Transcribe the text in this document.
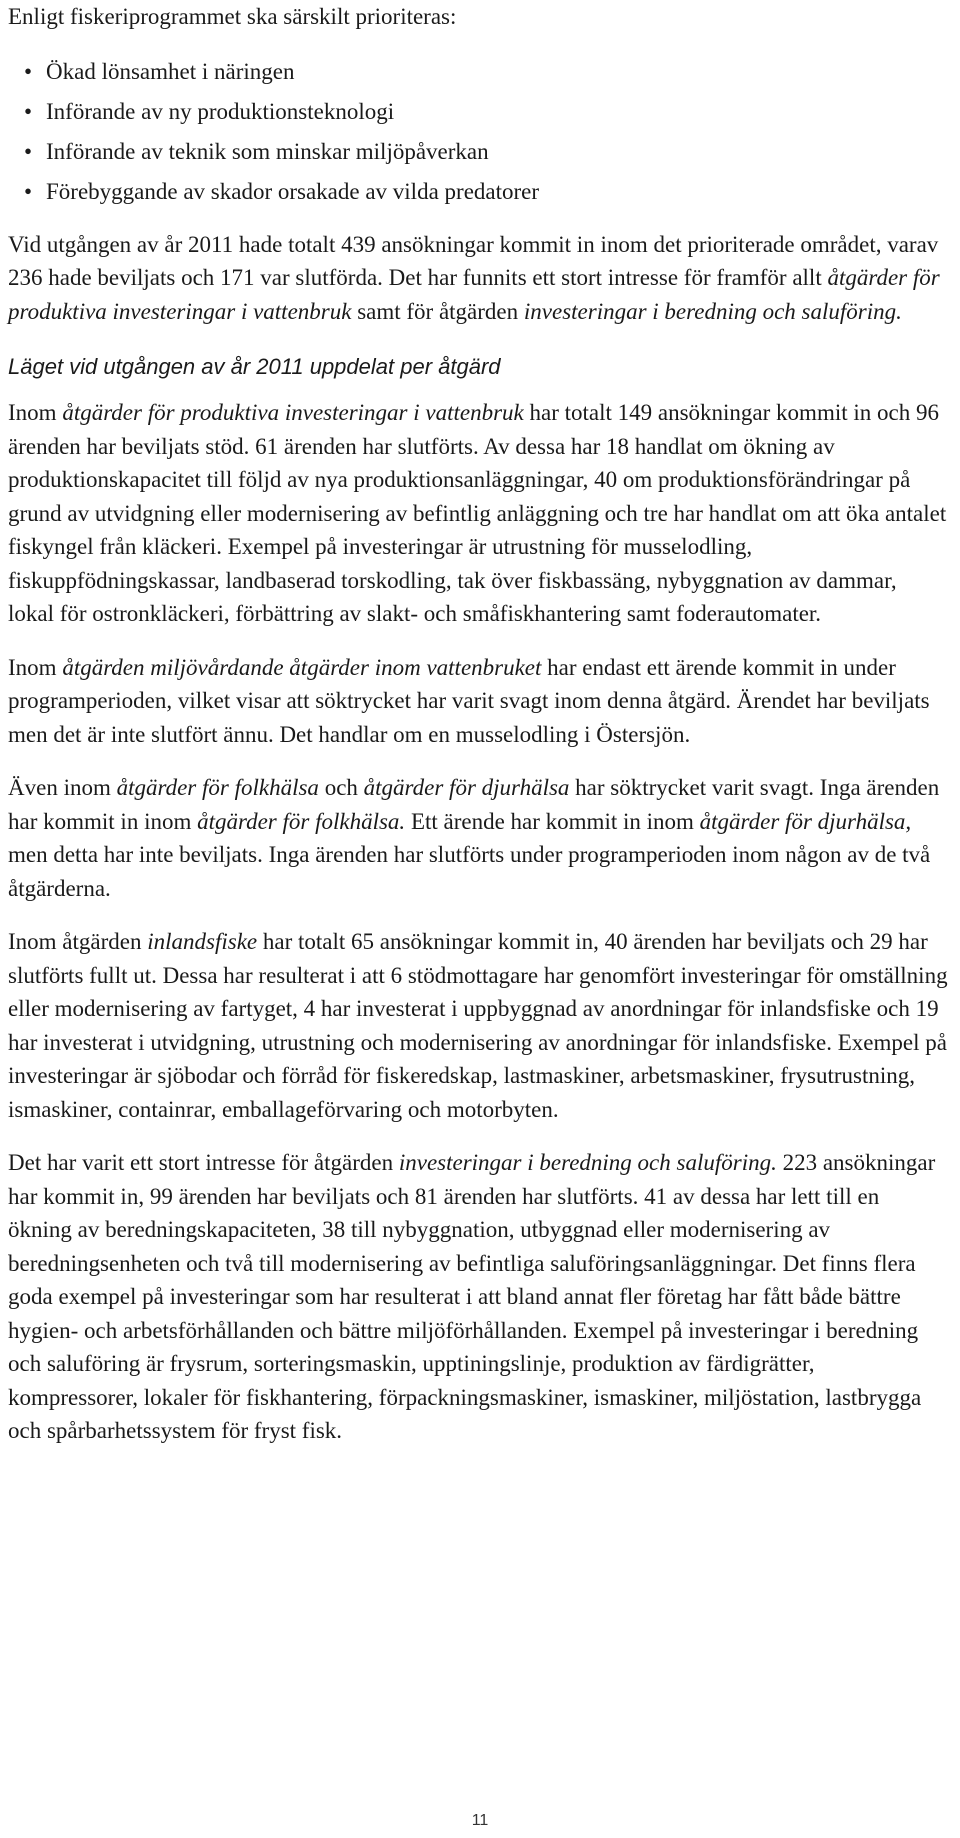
Enligt fiskeriprogrammet ska särskilt prioriteras:

• Ökad lönsamhet i näringen
• Införande av ny produktionsteknologi
• Införande av teknik som minskar miljöpåverkan
• Förebyggande av skador orsakade av vilda predatorer

Vid utgången av år 2011 hade totalt 439 ansökningar kommit in inom det prioriterade området, varav 236 hade beviljats och 171 var slutförda. Det har funnits ett stort intresse för framför allt åtgärder för produktiva investeringar i vattenbruk samt för åtgärden investeringar i beredning och saluföring.

Läget vid utgången av år 2011 uppdelat per åtgärd

Inom åtgärder för produktiva investeringar i vattenbruk har totalt 149 ansökningar kommit in och 96 ärenden har beviljats stöd. 61 ärenden har slutförts. Av dessa har 18 handlat om ökning av produktionskapacitet till följd av nya produktionsanläggningar, 40 om produktionsförändringar på grund av utvidgning eller modernisering av befintlig anläggning och tre har handlat om att öka antalet fiskyngel från kläckeri. Exempel på investeringar är utrustning för musselodling, fiskuppfödningskassar, landbaserad torskodling, tak över fiskbassäng, nybyggnation av dammar, lokal för ostronkläckeri, förbättring av slakt- och småfiskhantering samt foderautomater.

Inom åtgärden miljövårdande åtgärder inom vattenbruket har endast ett ärende kommit in under programperioden, vilket visar att söktrycket har varit svagt inom denna åtgärd. Ärendet har beviljats men det är inte slutfört ännu. Det handlar om en musselodling i Östersjön.

Även inom åtgärder för folkhälsa och åtgärder för djurhälsa har söktrycket varit svagt. Inga ärenden har kommit in inom åtgärder för folkhälsa. Ett ärende har kommit in inom åtgärder för djurhälsa, men detta har inte beviljats. Inga ärenden har slutförts under programperioden inom någon av de två åtgärderna.

Inom åtgärden inlandsfiske har totalt 65 ansökningar kommit in, 40 ärenden har beviljats och 29 har slutförts fullt ut. Dessa har resulterat i att 6 stödmottagare har genomfört investeringar för omställning eller modernisering av fartyget, 4 har investerat i uppbyggnad av anordningar för inlandsfiske och 19 har investerat i utvidgning, utrustning och modernisering av anordningar för inlandsfiske. Exempel på investeringar är sjöbodar och förråd för fiskeredskap, lastmaskiner, arbetsmaskiner, frysutrustning, ismaskiner, containrar, emballageförvaring och motorbyten.

Det har varit ett stort intresse för åtgärden investeringar i beredning och saluföring. 223 ansökningar har kommit in, 99 ärenden har beviljats och 81 ärenden har slutförts. 41 av dessa har lett till en ökning av beredningskapaciteten, 38 till nybyggnation, utbyggnad eller modernisering av beredningsenheten och två till modernisering av befintliga saluföringsanläggningar. Det finns flera goda exempel på investeringar som har resulterat i att bland annat fler företag har fått både bättre hygien- och arbetsförhållanden och bättre miljöförhållanden. Exempel på investeringar i beredning och saluföring är frysrum, sorteringsmaskin, upptiningslinje, produktion av färdigrätter, kompressorer, lokaler för fiskhantering, förpackningsmaskiner, ismaskiner, miljöstation, lastbrygga och spårbarhetssystem för fryst fisk.

11
